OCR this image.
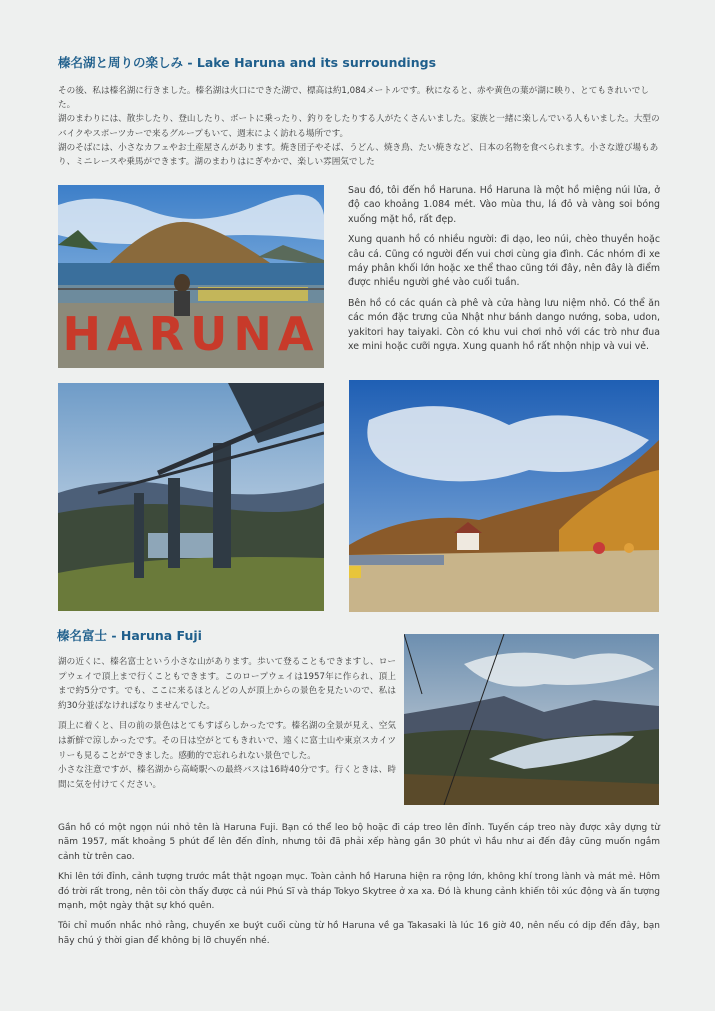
榛名湖と周りの楽しみ - Lake Haruna and its surroundings
その後、私は榛名湖に行きました。榛名湖は火口にできた湖で、標高は約1,084メートルです。秋になると、赤や黄色の葉が湖に映り、とてもきれいでした。
湖のまわりには、散歩したり、登山したり、ボートに乗ったり、釣りをしたりする人がたくさんいました。家族と一緒に楽しんでいる人もいました。大型のバイクやスポーツカーで来るグループもいて、週末によく訪れる場所です。
湖のそばには、小さなカフェやお土産屋さんがあります。焼き団子やそば、うどん、焼き鳥、たい焼きなど、日本の名物を食べられます。小さな遊び場もあり、ミニレースや乗馬ができます。湖のまわりはにぎやかで、楽しい雰囲気でした
HARUNA

Sau đó, tôi đến hồ Haruna. Hồ Haruna là một hồ miệng núi lửa, ở độ cao khoảng 1.084 mét. Vào mùa thu, lá đỏ và vàng soi bóng xuống mặt hồ, rất đẹp.

Xung quanh hồ có nhiều người: đi dạo, leo núi, chèo thuyền hoặc câu cá. Cũng có người đến vui chơi cùng gia đình. Các nhóm đi xe máy phân khối lớn hoặc xe thể thao cũng tới đây, nên đây là điểm được nhiều người ghé vào cuối tuần.

Bên hồ có các quán cà phê và cửa hàng lưu niệm nhỏ. Có thể ăn các món đặc trưng của Nhật như bánh dango nướng, soba, udon, yakitori hay taiyaki. Còn có khu vui chơi nhỏ với các trò như đua xe mini hoặc cưỡi ngựa. Xung quanh hồ rất nhộn nhịp và vui vẻ.

榛名富士 - Haruna Fuji

湖の近くに、榛名富士という小さな山があります。歩いて登ることもできますし、ロープウェイで頂上まで行くこともできます。このロープウェイは1957年に作られ、頂上まで約5分です。でも、ここに来るほとんどの人が頂上からの景色を見たいので、私は約30分並ばなければなりませんでした。

頂上に着くと、目の前の景色はとてもすばらしかったです。榛名湖の全景が見え、空気は新鮮で涼しかったです。その日は空がとてもきれいで、遠くに富士山や東京スカイツリーも見ることができました。感動的で忘れられない景色でした。
小さな注意ですが、榛名湖から高崎駅への最終バスは16時40分です。行くときは、時間に気を付けてください。

Gần hồ có một ngọn núi nhỏ tên là Haruna Fuji. Bạn có thể leo bộ hoặc đi cáp treo lên đỉnh. Tuyến cáp treo này được xây dựng từ năm 1957, mất khoảng 5 phút để lên đến đỉnh, nhưng tôi đã phải xếp hàng gần 30 phút vì hầu như ai đến đây cũng muốn ngắm cảnh từ trên cao.

Khi lên tới đỉnh, cảnh tượng trước mắt thật ngoạn mục. Toàn cảnh hồ Haruna hiện ra rộng lớn, không khí trong lành và mát mẻ. Hôm đó trời rất trong, nên tôi còn thấy được cả núi Phú Sĩ và tháp Tokyo Skytree ở xa xa. Đó là khung cảnh khiến tôi xúc động và ấn tượng mạnh, một ngày thật sự khó quên.

Tôi chỉ muốn nhắc nhỏ rằng, chuyến xe buýt cuối cùng từ hồ Haruna về ga Takasaki là lúc 16 giờ 40, nên nếu có dịp đến đây, bạn hãy chú ý thời gian để không bị lỡ chuyến nhé.
